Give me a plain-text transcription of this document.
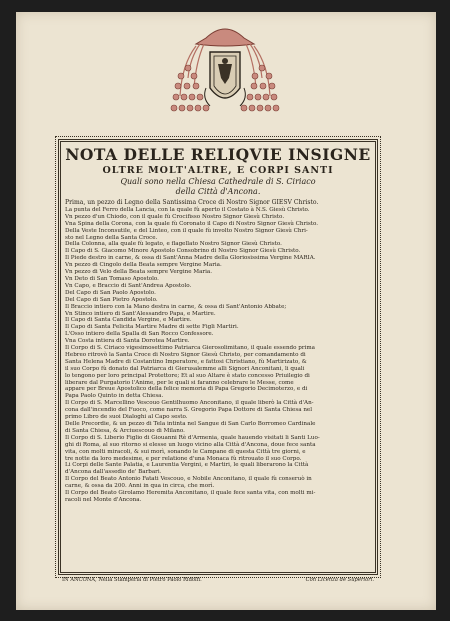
NOTA DELLE RELIQVIE INSIGNE

OLTRE MOLT'ALTRE, E CORPI SANTI

Quali sono nella Chiesa Cathedrale di S. Ciriaco

della Città d'Ancona.

Prima, un pezzo di Legno della Santissima Croce di Nostro Signor GIESV Christo.
La punta del Ferro della Lancia, con la quale fù aperto il Costato à N.S. Giesù Christo.
Vn pezzo d'un Chiodo, con il quale fù Crocifisso Nostro Signor Giesù Christo.
Vna Spina della Corona, con la quale fù Coronato il Capo di Nostro Signor Giesù Christo.
Della Veste Inconsutile, e del Linteo, con il quale fù involto Nostro Signor Giesù Chri-
sto nel Legno della Santa Croce.
Della Colonna, alla quale fù legato, e flagellato Nostro Signor Giesù Christo.
Il Capo di S. Giacomo Minore Apostolo Consobrino di Nostro Signor Giesù Christo.
Il Piede destro in carne, & ossa di Sant'Anna Madre della Gloriosissima Vergine MARIA.
Vn pezzo di Cingolo della Beata sempre Vergine Maria.
Vn pezzo di Velo della Beata sempre Vergine Maria.
Vn Deto di San Tomaso Apostolo.
Vn Capo, e Braccio di Sant'Andrea Apostolo.
Del Capo di San Paolo Apostolo.
Del Capo di San Pietro Apostolo.
Il Braccio intiero con la Mano destra in carne, & ossa di Sant'Antonio Abbate;
Vn Stinco intiero di Sant'Alessandro Papa, e Martire.
Il Capo di Santa Candida Vergine, e Martire.
Il Capo di Santa Felicita Martire Madre di sette Figli Martiri.
L'Osso intiero della Spalla di San Rocco Confessore.
Vna Costa intiera di Santa Dorotea Martire.
Il Corpo di S. Ciriaco vigesimosettimo Patriarca Gierosolimitano, il quale essendo prima
Hebreo ritrovò la Santa Croce di Nostro Signor Giesù Christo, per comandamento di
Santa Helena Madre di Costantino Imperatore, e fattosi Christiano, fù Martirizato, &
il suo Corpo fù donato dal Patriarca di Gierusalemme alli Signori Anconitani, li quali
lo tengono per loro principal Protettore; Et al suo Altare è stato concesso Priuilegio di
liberare dal Purgatorio l'Anime, per le quali si faranno celebrare le Messe, come
appare per Breue Apostolico della felice memoria di Papa Gregorio Decimoterzo, e di
Papa Paolo Quinto in detta Chiesa.
Il Corpo di S. Marcellino Vescouo Gentilhuomo Anconitano, il quale liberò la Città d'An-
cona dall'incendio del Fuoco, come narra S. Gregorio Papa Dottore di Santa Chiesa nel
primo Libro de suoi Dialoghi al Capo sesto.
Delle Precordie, & un pezzo di Tela intinta nel Sangue di San Carlo Borromeo Cardinale
di Santa Chiesa, & Arciuescouo di Milano.
Il Corpo di S. Liberio Figlio di Giouanni Rè d'Armenia, quale hauendo visitati li Santi Luo-
ghi di Roma, al suo ritorno si elesse un luogo vicino alla Città d'Ancona, doue fece santa
vita, con molti miracoli, & sui morì, sonando le Campane di questa Città tre giorni, e
tre notte da loro medesime, e per relatione d'una Monaca fù ritrouato il suo Corpo.
Li Corpi delle Sante Palatia, e Laurentia Vergini, e Martiri, le quali liberarono la Città
d'Ancona dall'assedio de' Barbari.
Il Corpo del Beato Antonio Fatati Vescouo, e Nobile Anconitano, il quale fù conseruò in
carne, & ossa da 200. Anni in qua in circa, che morì.
Il Corpo del Beato Girolamo Heremita Anconitano, il quale fece santa vita, con molti mi-
racoli nel Monte d'Ancona.
IN ANCONA, Nella Stamperia di Pietro Paolo Ridolfi.	Con Licenza de Superiori.
